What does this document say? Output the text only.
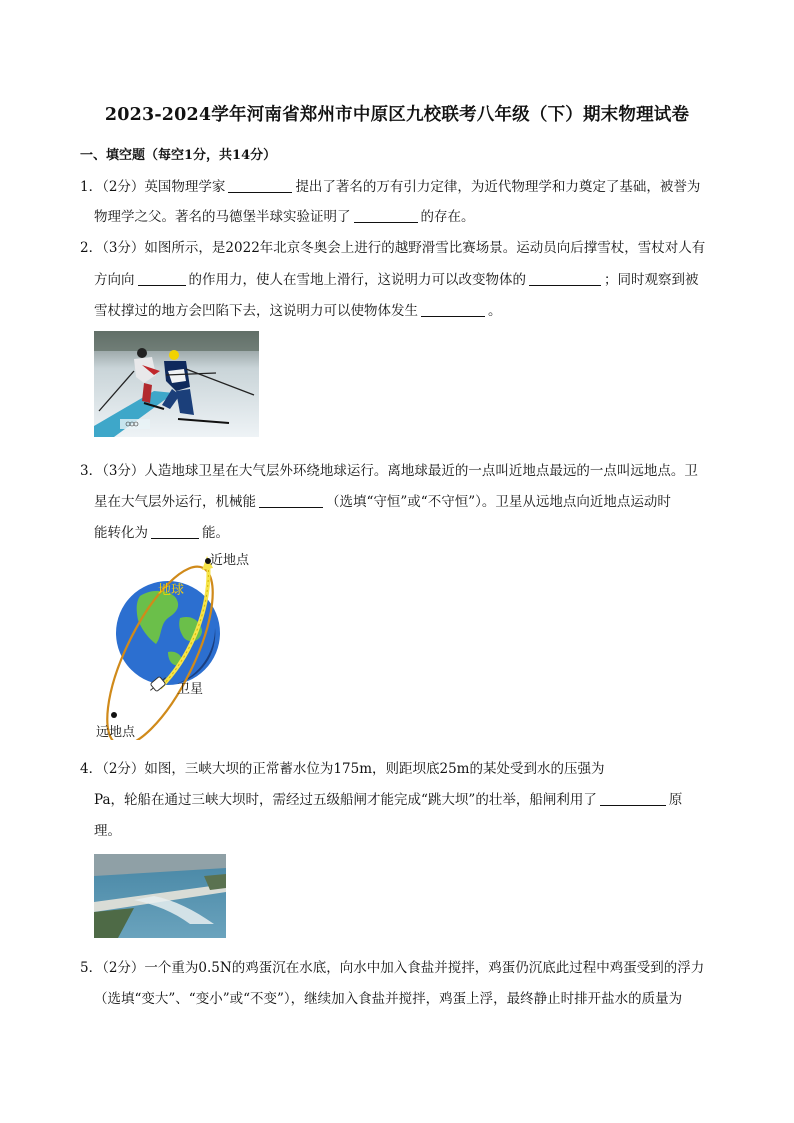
2023-2024学年河南省郑州市中原区九校联考八年级（下）期末物理试卷
一、填空题（每空1分，共14分）
1．（2分）英国物理学家	提出了著名的万有引力定律，为近代物理学和力奠定了基础，被誉为
物理学之父。著名的马德堡半球实验证明了	的存在。
2．（3分）如图所示，是2022年北京冬奥会上进行的越野滑雪比赛场景。运动员向后撑雪杖，雪杖对人有
方向向	的作用力，使人在雪地上滑行，这说明力可以改变物体的	；同时观察到被
雪杖撑过的地方会凹陷下去，这说明力可以使物体发生	。
3．（3分）人造地球卫星在大气层外环绕地球运行。离地球最近的一点叫近地点最远的一点叫远地点。卫
星在大气层外运行，机械能	（选填“守恒”或“不守恒”）。卫星从远地点向近地点运动时
能转化为	能。
近地点
远地点
地球
卫星
4．（2分）如图，三峡大坝的正常蓄水位为175m，则距坝底25m的某处受到水的压强为
Pa，轮船在通过三峡大坝时，需经过五级船闸才能完成“跳大坝”的壮举，船闸利用了	原
理。
5．（2分）一个重为0.5N的鸡蛋沉在水底，向水中加入食盐并搅拌，鸡蛋仍沉底此过程中鸡蛋受到的浮力
（选填“变大”、“变小”或“不变”），继续加入食盐并搅拌，鸡蛋上浮，最终静止时排开盐水的质量为
